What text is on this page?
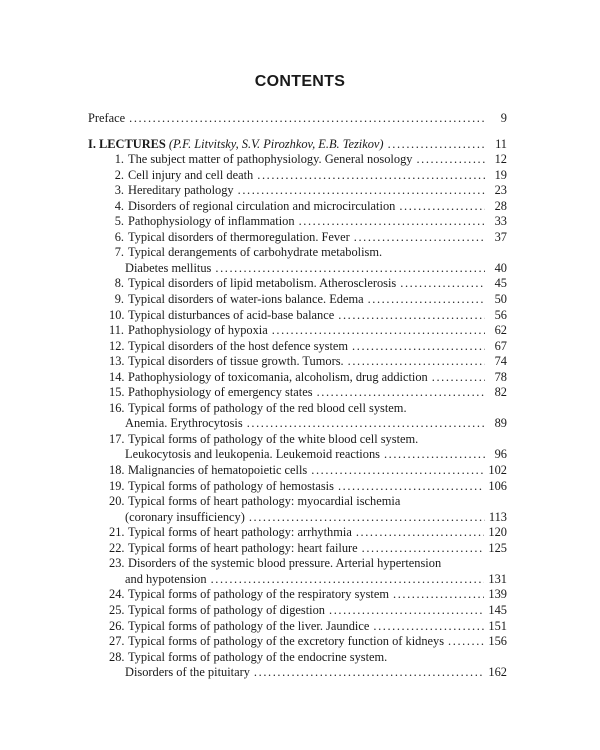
CONTENTS
Preface .....	9
I. LECTURES (P.F. Litvitsky, S.V. Pirozhkov, E.B. Tezikov) .....	11
1. The subject matter of pathophysiology. General nosology .....	12
2. Cell injury and cell death .....	19
3. Hereditary pathology .....	23
4. Disorders of regional circulation and microcirculation .....	28
5. Pathophysiology of inflammation .....	33
6. Typical disorders of thermoregulation. Fever .....	37
7. Typical derangements of carbohydrate metabolism.
Diabetes mellitus .....	40
8. Typical disorders of lipid metabolism. Atherosclerosis .....	45
9. Typical disorders of water-ions balance. Edema .....	50
10. Typical disturbances of acid-base balance .....	56
11. Pathophysiology of hypoxia .....	62
12. Typical disorders of the host defence system .....	67
13. Typical disorders of tissue growth. Tumors. .....	74
14. Pathophysiology of toxicomania, alcoholism, drug addiction .....	78
15. Pathophysiology of emergency states .....	82
16. Typical forms of pathology of the red blood cell system.
Anemia. Erythrocytosis .....	89
17. Typical forms of pathology of the white blood cell system.
Leukocytosis and leukopenia. Leukemoid reactions .....	96
18. Malignancies of hematopoietic cells .....	102
19. Typical forms of pathology of hemostasis .....	106
20. Typical forms of heart pathology: myocardial ischemia
(coronary insufficiency) .....	113
21. Typical forms of heart pathology: arrhythmia .....	120
22. Typical forms of heart pathology: heart failure .....	125
23. Disorders of the systemic blood pressure. Arterial hypertension
and hypotension .....	131
24. Typical forms of pathology of the respiratory system .....	139
25. Typical forms of pathology of digestion .....	145
26. Typical forms of pathology of the liver. Jaundice .....	151
27. Typical forms of pathology of the excretory function of kidneys .....	156
28. Typical forms of pathology of the endocrine system.
Disorders of the pituitary .....	162
